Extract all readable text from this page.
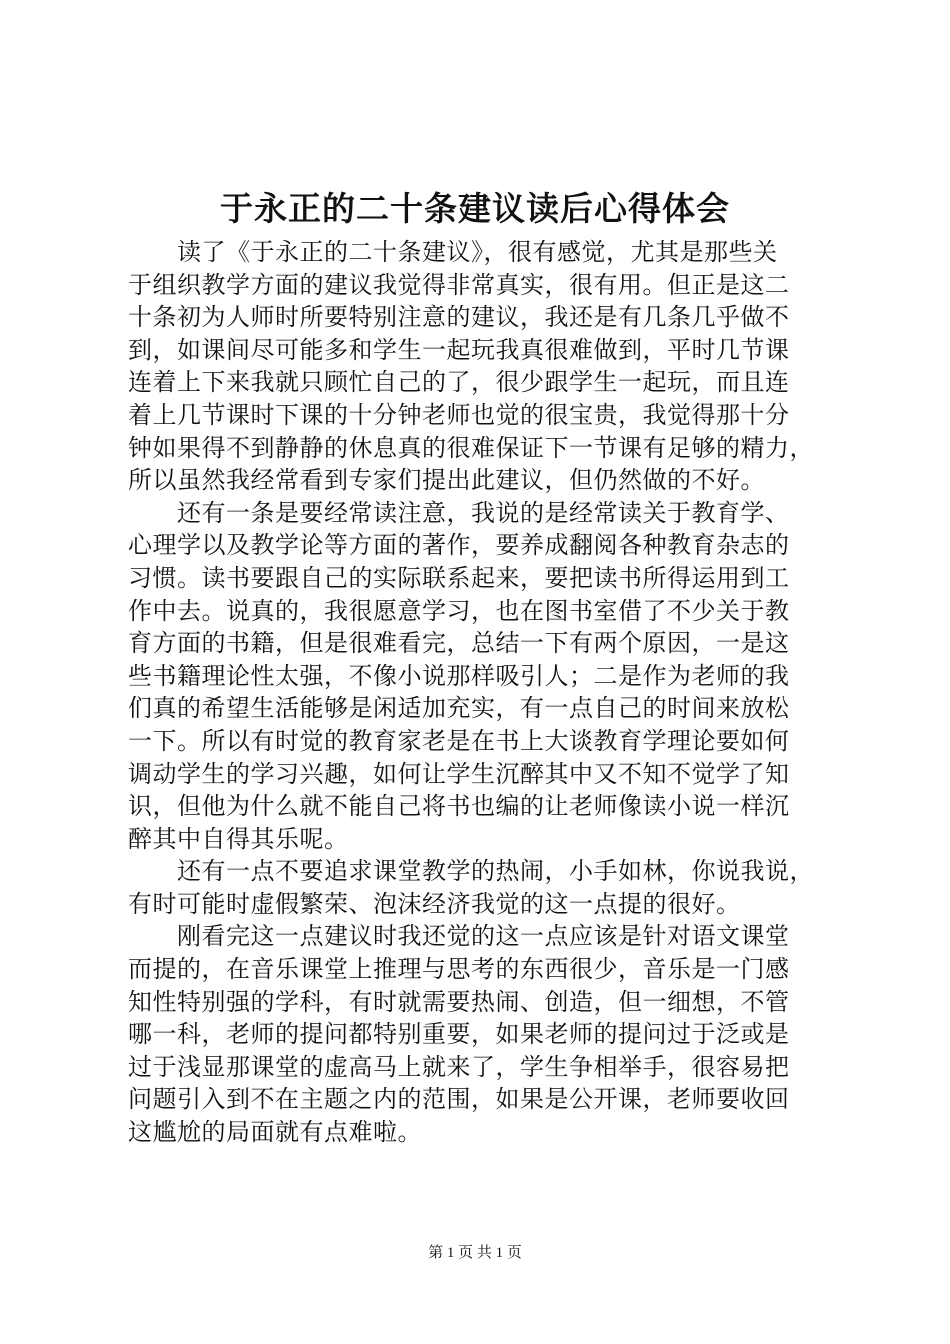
于永正的二十条建议读后心得体会
　　读了《于永正的二十条建议》，很有感觉，尤其是那些关
于组织教学方面的建议我觉得非常真实，很有用。但正是这二
十条初为人师时所要特别注意的建议，我还是有几条几乎做不
到，如课间尽可能多和学生一起玩我真很难做到，平时几节课
连着上下来我就只顾忙自己的了，很少跟学生一起玩，而且连
着上几节课时下课的十分钟老师也觉的很宝贵，我觉得那十分
钟如果得不到静静的休息真的很难保证下一节课有足够的精力，
所以虽然我经常看到专家们提出此建议，但仍然做的不好。
　　还有一条是要经常读注意，我说的是经常读关于教育学、
心理学以及教学论等方面的著作，要养成翻阅各种教育杂志的
习惯。读书要跟自己的实际联系起来，要把读书所得运用到工
作中去。说真的，我很愿意学习，也在图书室借了不少关于教
育方面的书籍，但是很难看完，总结一下有两个原因，一是这
些书籍理论性太强，不像小说那样吸引人；二是作为老师的我
们真的希望生活能够是闲适加充实，有一点自己的时间来放松
一下。所以有时觉的教育家老是在书上大谈教育学理论要如何
调动学生的学习兴趣，如何让学生沉醉其中又不知不觉学了知
识，但他为什么就不能自己将书也编的让老师像读小说一样沉
醉其中自得其乐呢。
　　还有一点不要追求课堂教学的热闹，小手如林，你说我说，
有时可能时虚假繁荣、泡沫经济我觉的这一点提的很好。
　　刚看完这一点建议时我还觉的这一点应该是针对语文课堂
而提的，在音乐课堂上推理与思考的东西很少，音乐是一门感
知性特别强的学科，有时就需要热闹、创造，但一细想，不管
哪一科，老师的提问都特别重要，如果老师的提问过于泛或是
过于浅显那课堂的虚高马上就来了，学生争相举手，很容易把
问题引入到不在主题之内的范围，如果是公开课，老师要收回
这尴尬的局面就有点难啦。
第 1 页 共 1 页
